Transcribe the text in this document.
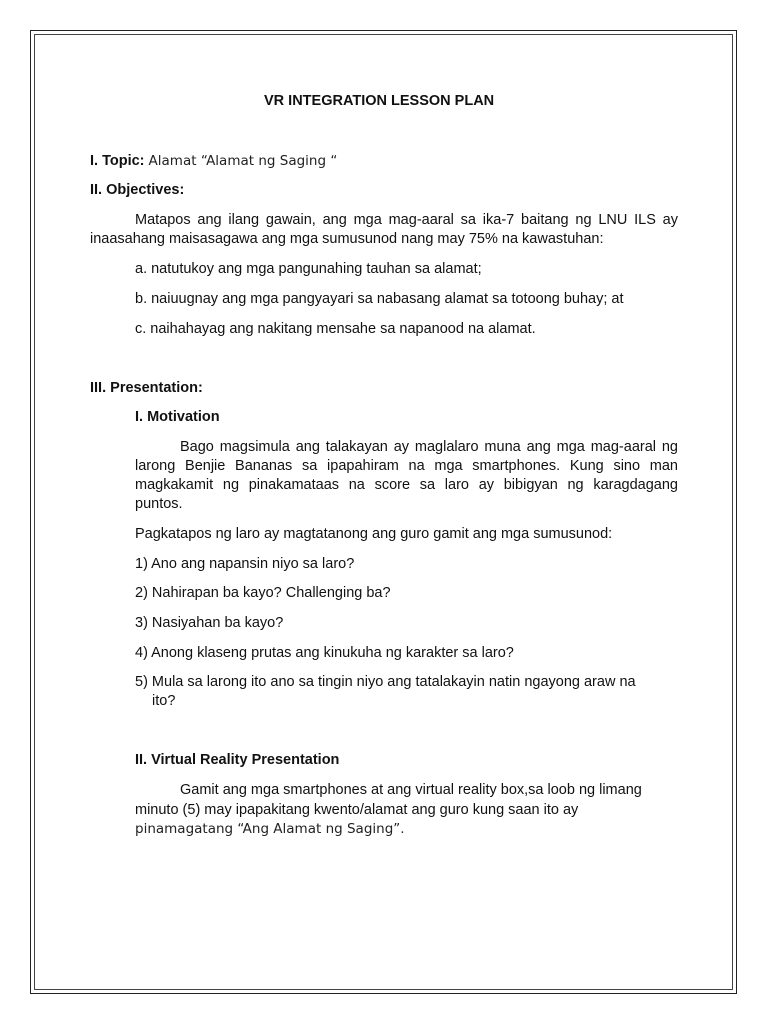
VR INTEGRATION LESSON PLAN
I. Topic: Alamat “Alamat ng Saging “
II. Objectives:
Matapos ang ilang gawain, ang mga mag-aaral sa ika-7 baitang ng LNU ILS ay
inaasahang maisasagawa ang mga sumusunod nang may 75% na kawastuhan:
a. natutukoy ang mga pangunahing tauhan sa alamat;
b. naiuugnay ang mga pangyayari sa nabasang alamat sa totoong buhay; at
c. naihahayag ang nakitang mensahe sa napanood na alamat.
III. Presentation:
I. Motivation
Bago magsimula ang talakayan ay maglalaro muna ang mga mag-aaral ng
larong Benjie Bananas sa ipapahiram na mga smartphones. Kung sino man
magkakamit ng pinakamataas na score sa laro ay bibigyan ng karagdagang
puntos.
Pagkatapos ng laro ay magtatanong ang guro gamit ang mga sumusunod:
1) Ano ang napansin niyo sa laro?
2) Nahirapan ba kayo? Challenging ba?
3) Nasiyahan ba kayo?
4) Anong klaseng prutas ang kinukuha ng karakter sa laro?
5) Mula sa larong ito ano sa tingin niyo ang tatalakayin natin ngayong araw na
ito?
II. Virtual Reality Presentation
Gamit ang mga smartphones at ang virtual reality box,sa loob ng limang
minuto (5) may ipapakitang kwento/alamat ang guro kung saan ito ay
pinamagatang “Ang Alamat ng Saging”.
